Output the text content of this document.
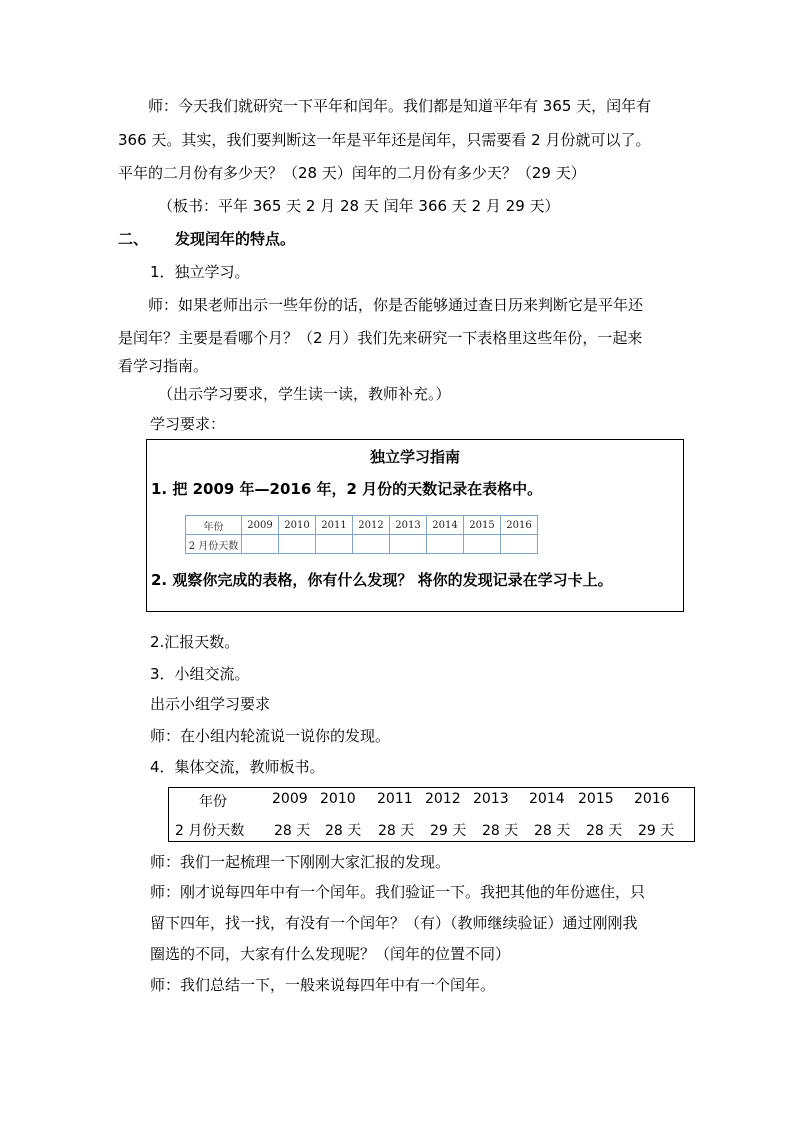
师：今天我们就研究一下平年和闰年。我们都是知道平年有 365 天，闰年有
366 天。其实，我们要判断这一年是平年还是闰年，只需要看 2 月份就可以了。
平年的二月份有多少天？（28 天）闰年的二月份有多少天？（29 天）
（板书：平年 365 天 2 月 28 天 闰年 366 天 2 月 29 天）
二、 发现闰年的特点。
1．独立学习。
师：如果老师出示一些年份的话，你是否能够通过查日历来判断它是平年还
是闰年？主要是看哪个月？（2 月）我们先来研究一下表格里这些年份，一起来
看学习指南。
（出示学习要求，学生读一读，教师补充。）
学习要求：
独立学习指南
1. 把 2009 年—2016 年，2 月份的天数记录在表格中。
年份	2009	2010	2011	2012	2013	2014	2015	2016
2 月份天数								
2. 观察你完成的表格，你有什么发现？ 将你的发现记录在学习卡上。
2.汇报天数。
3．小组交流。
出示小组学习要求
师：在小组内轮流说一说你的发现。
4．集体交流，教师板书。
年份	2009 2010 2011 2012 2013 2014 2015 2016
2 月份天数 28 天 28 天 28 天 29 天 28 天 28 天 28 天 29 天
师：我们一起梳理一下刚刚大家汇报的发现。
师：刚才说每四年中有一个闰年。我们验证一下。我把其他的年份遮住，只
留下四年，找一找，有没有一个闰年？（有）（教师继续验证）通过刚刚我
圈选的不同，大家有什么发现呢？（闰年的位置不同）
师：我们总结一下，一般来说每四年中有一个闰年。
